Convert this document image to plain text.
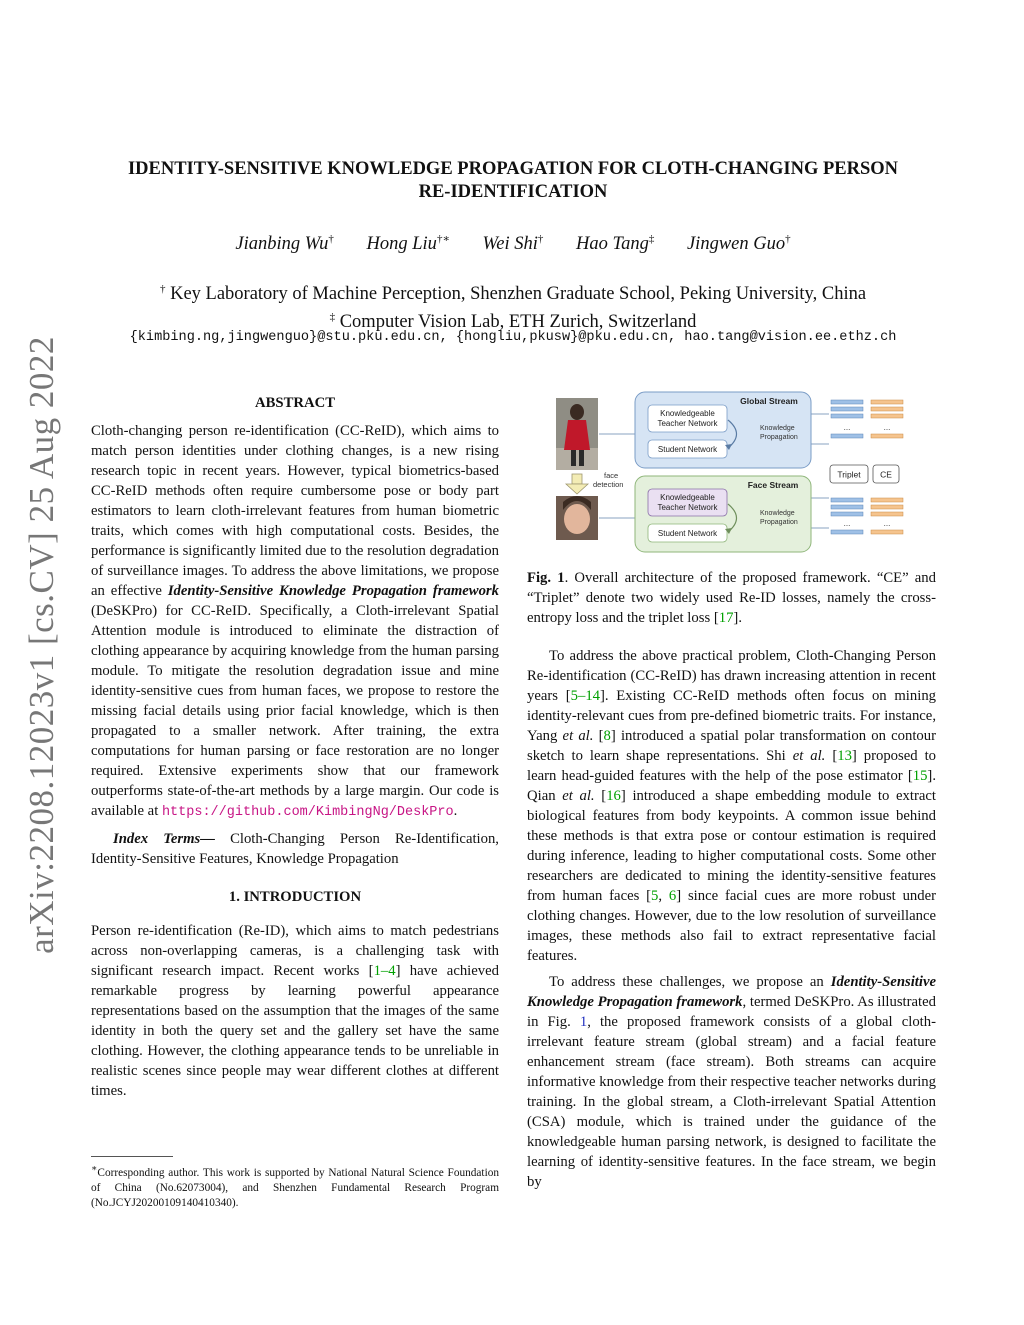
arXiv:2208.12023v1 [cs.CV] 25 Aug 2022
IDENTITY-SENSITIVE KNOWLEDGE PROPAGATION FOR CLOTH-CHANGING PERSON
RE-IDENTIFICATION
Jianbing Wu† Hong Liu†∗ Wei Shi† Hao Tang‡ Jingwen Guo†
† Key Laboratory of Machine Perception, Shenzhen Graduate School, Peking University, China
‡ Computer Vision Lab, ETH Zurich, Switzerland
{kimbing.ng,jingwenguo}@stu.pku.edu.cn, {hongliu,pkusw}@pku.edu.cn, hao.tang@vision.ee.ethz.ch
ABSTRACT

Cloth-changing person re-identification (CC-ReID), which aims to match person identities under clothing changes, is a new rising research topic in recent years. However, typical biometrics-based CC-ReID methods often require cumbersome pose or body part estimators to learn cloth-irrelevant features from human biometric traits, which comes with high computational costs. Besides, the performance is significantly limited due to the resolution degradation of surveillance images. To address the above limitations, we propose an effective Identity-Sensitive Knowledge Propagation framework (DeSKPro) for CC-ReID. Specifically, a Cloth-irrelevant Spatial Attention module is introduced to eliminate the distraction of clothing appearance by acquiring knowledge from the human parsing module. To mitigate the resolution degradation issue and mine identity-sensitive cues from human faces, we propose to restore the missing facial details using prior facial knowledge, which is then propagated to a smaller network. After training, the extra computations for human parsing or face restoration are no longer required. Extensive experiments show that our framework outperforms state-of-the-art methods by a large margin. Our code is available at https://github.com/KimbingNg/DeskPro.

Index Terms— Cloth-Changing Person Re-Identification, Identity-Sensitive Features, Knowledge Propagation

1. INTRODUCTION

Person re-identification (Re-ID), which aims to match pedestrians across non-overlapping cameras, is a challenging task with significant research impact. Recent works [1–4] have achieved remarkable progress by learning powerful appearance representations based on the assumption that the images of the same identity in both the query set and the gallery set have the same clothing. However, the clothing appearance tends to be unreliable in realistic scenes since people may wear different clothes at different times.

∗Corresponding author. This work is supported by National Natural Science Foundation of China (No.62073004), and Shenzhen Fundamental Research Program (No.JCYJ20200109140410340).
face
detection
Global Stream
Knowledgeable
Teacher Network
Student Network
Knowledge
Propagation
Face Stream
Knowledgeable
Teacher Network
Student Network
Knowledge
Propagation
...	...
...	...
Triplet CE

Fig. 1. Overall architecture of the proposed framework. “CE” and “Triplet” denote two widely used Re-ID losses, namely the cross-entropy loss and the triplet loss [17].

To address the above practical problem, Cloth-Changing Person Re-identification (CC-ReID) has drawn increasing attention in recent years [5–14]. Existing CC-ReID methods often focus on mining identity-relevant cues from pre-defined biometric traits. For instance, Yang et al. [8] introduced a spatial polar transformation on contour sketch to learn shape representations. Shi et al. [13] proposed to learn head-guided features with the help of the pose estimator [15]. Qian et al. [16] introduced a shape embedding module to extract biological features from body keypoints. A common issue behind these methods is that extra pose or contour estimation is required during inference, leading to higher computational costs. Some other researchers are dedicated to mining the identity-sensitive features from human faces [5, 6] since facial cues are more robust under clothing changes. However, due to the low resolution of surveillance images, these methods also fail to extract representative facial features.

To address these challenges, we propose an Identity-Sensitive Knowledge Propagation framework, termed DeSKPro. As illustrated in Fig. 1, the proposed framework consists of a global cloth-irrelevant feature stream (global stream) and a facial feature enhancement stream (face stream). Both streams can acquire informative knowledge from their respective teacher networks during training. In the global stream, a Cloth-irrelevant Spatial Attention (CSA) module, which is trained under the guidance of the knowledgeable human parsing network, is designed to facilitate the learning of identity-sensitive features. In the face stream, we begin by
